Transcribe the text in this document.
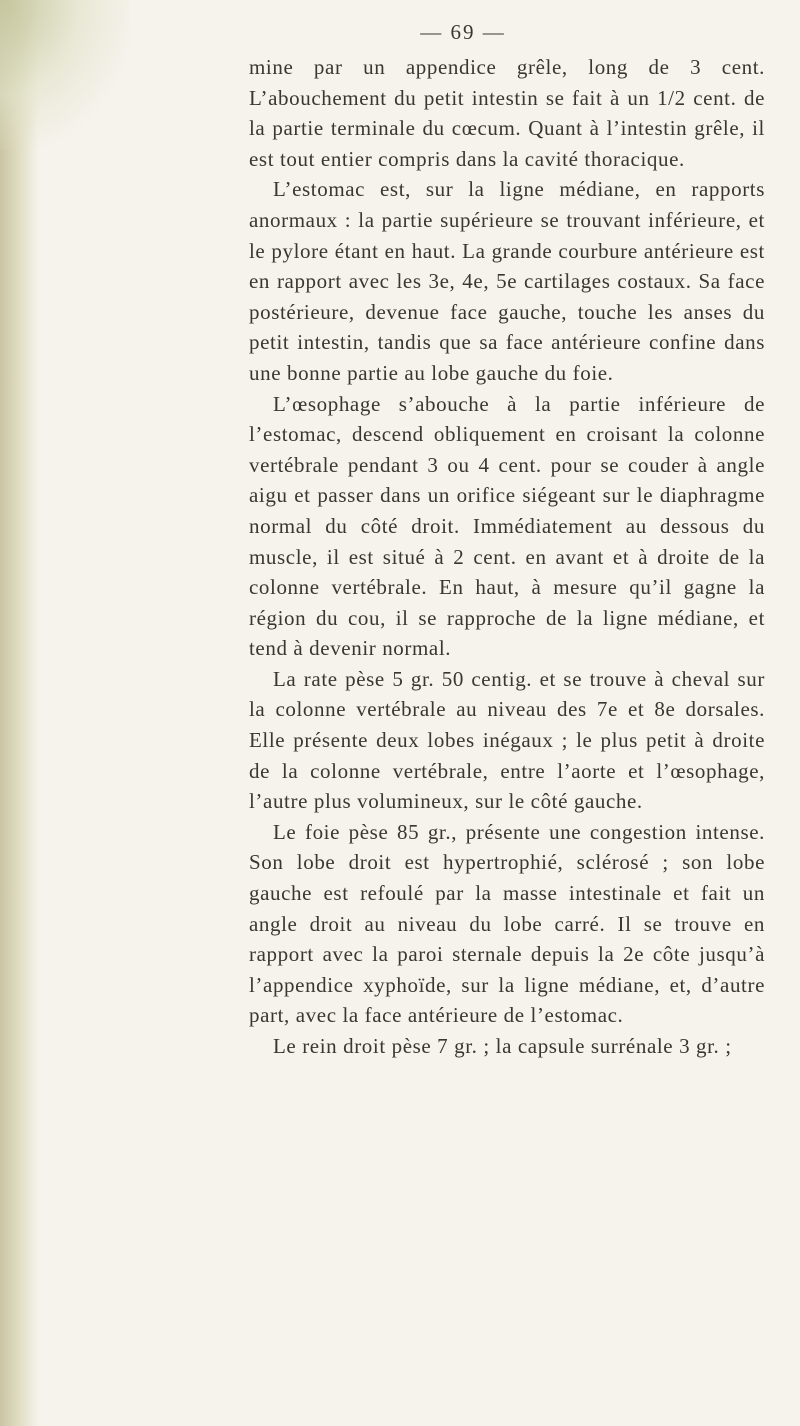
— 69 —

mine par un appendice grêle, long de 3 cent. L’abouchement du petit intestin se fait à un 1/2 cent. de la partie terminale du cœcum. Quant à l’intestin grêle, il est tout entier compris dans la cavité thoracique.

L’estomac est, sur la ligne médiane, en rapports anormaux : la partie supérieure se trouvant inférieure, et le pylore étant en haut. La grande courbure antérieure est en rapport avec les 3e, 4e, 5e cartilages costaux. Sa face postérieure, devenue face gauche, touche les anses du petit intestin, tandis que sa face antérieure confine dans une bonne partie au lobe gauche du foie.

L’œsophage s’abouche à la partie inférieure de l’estomac, descend obliquement en croisant la colonne vertébrale pendant 3 ou 4 cent. pour se couder à angle aigu et passer dans un orifice siégeant sur le diaphragme normal du côté droit. Immédiatement au dessous du muscle, il est situé à 2 cent. en avant et à droite de la colonne vertébrale. En haut, à mesure qu’il gagne la région du cou, il se rapproche de la ligne médiane, et tend à devenir normal.

La rate pèse 5 gr. 50 centig. et se trouve à cheval sur la colonne vertébrale au niveau des 7e et 8e dorsales. Elle présente deux lobes inégaux ; le plus petit à droite de la colonne vertébrale, entre l’aorte et l’œsophage, l’autre plus volumineux, sur le côté gauche.

Le foie pèse 85 gr., présente une congestion intense. Son lobe droit est hypertrophié, sclérosé ; son lobe gauche est refoulé par la masse intestinale et fait un angle droit au niveau du lobe carré. Il se trouve en rapport avec la paroi sternale depuis la 2e côte jusqu’à l’appendice xyphoïde, sur la ligne médiane, et, d’autre part, avec la face antérieure de l’estomac.

Le rein droit pèse 7 gr. ; la capsule surrénale 3 gr. ;
